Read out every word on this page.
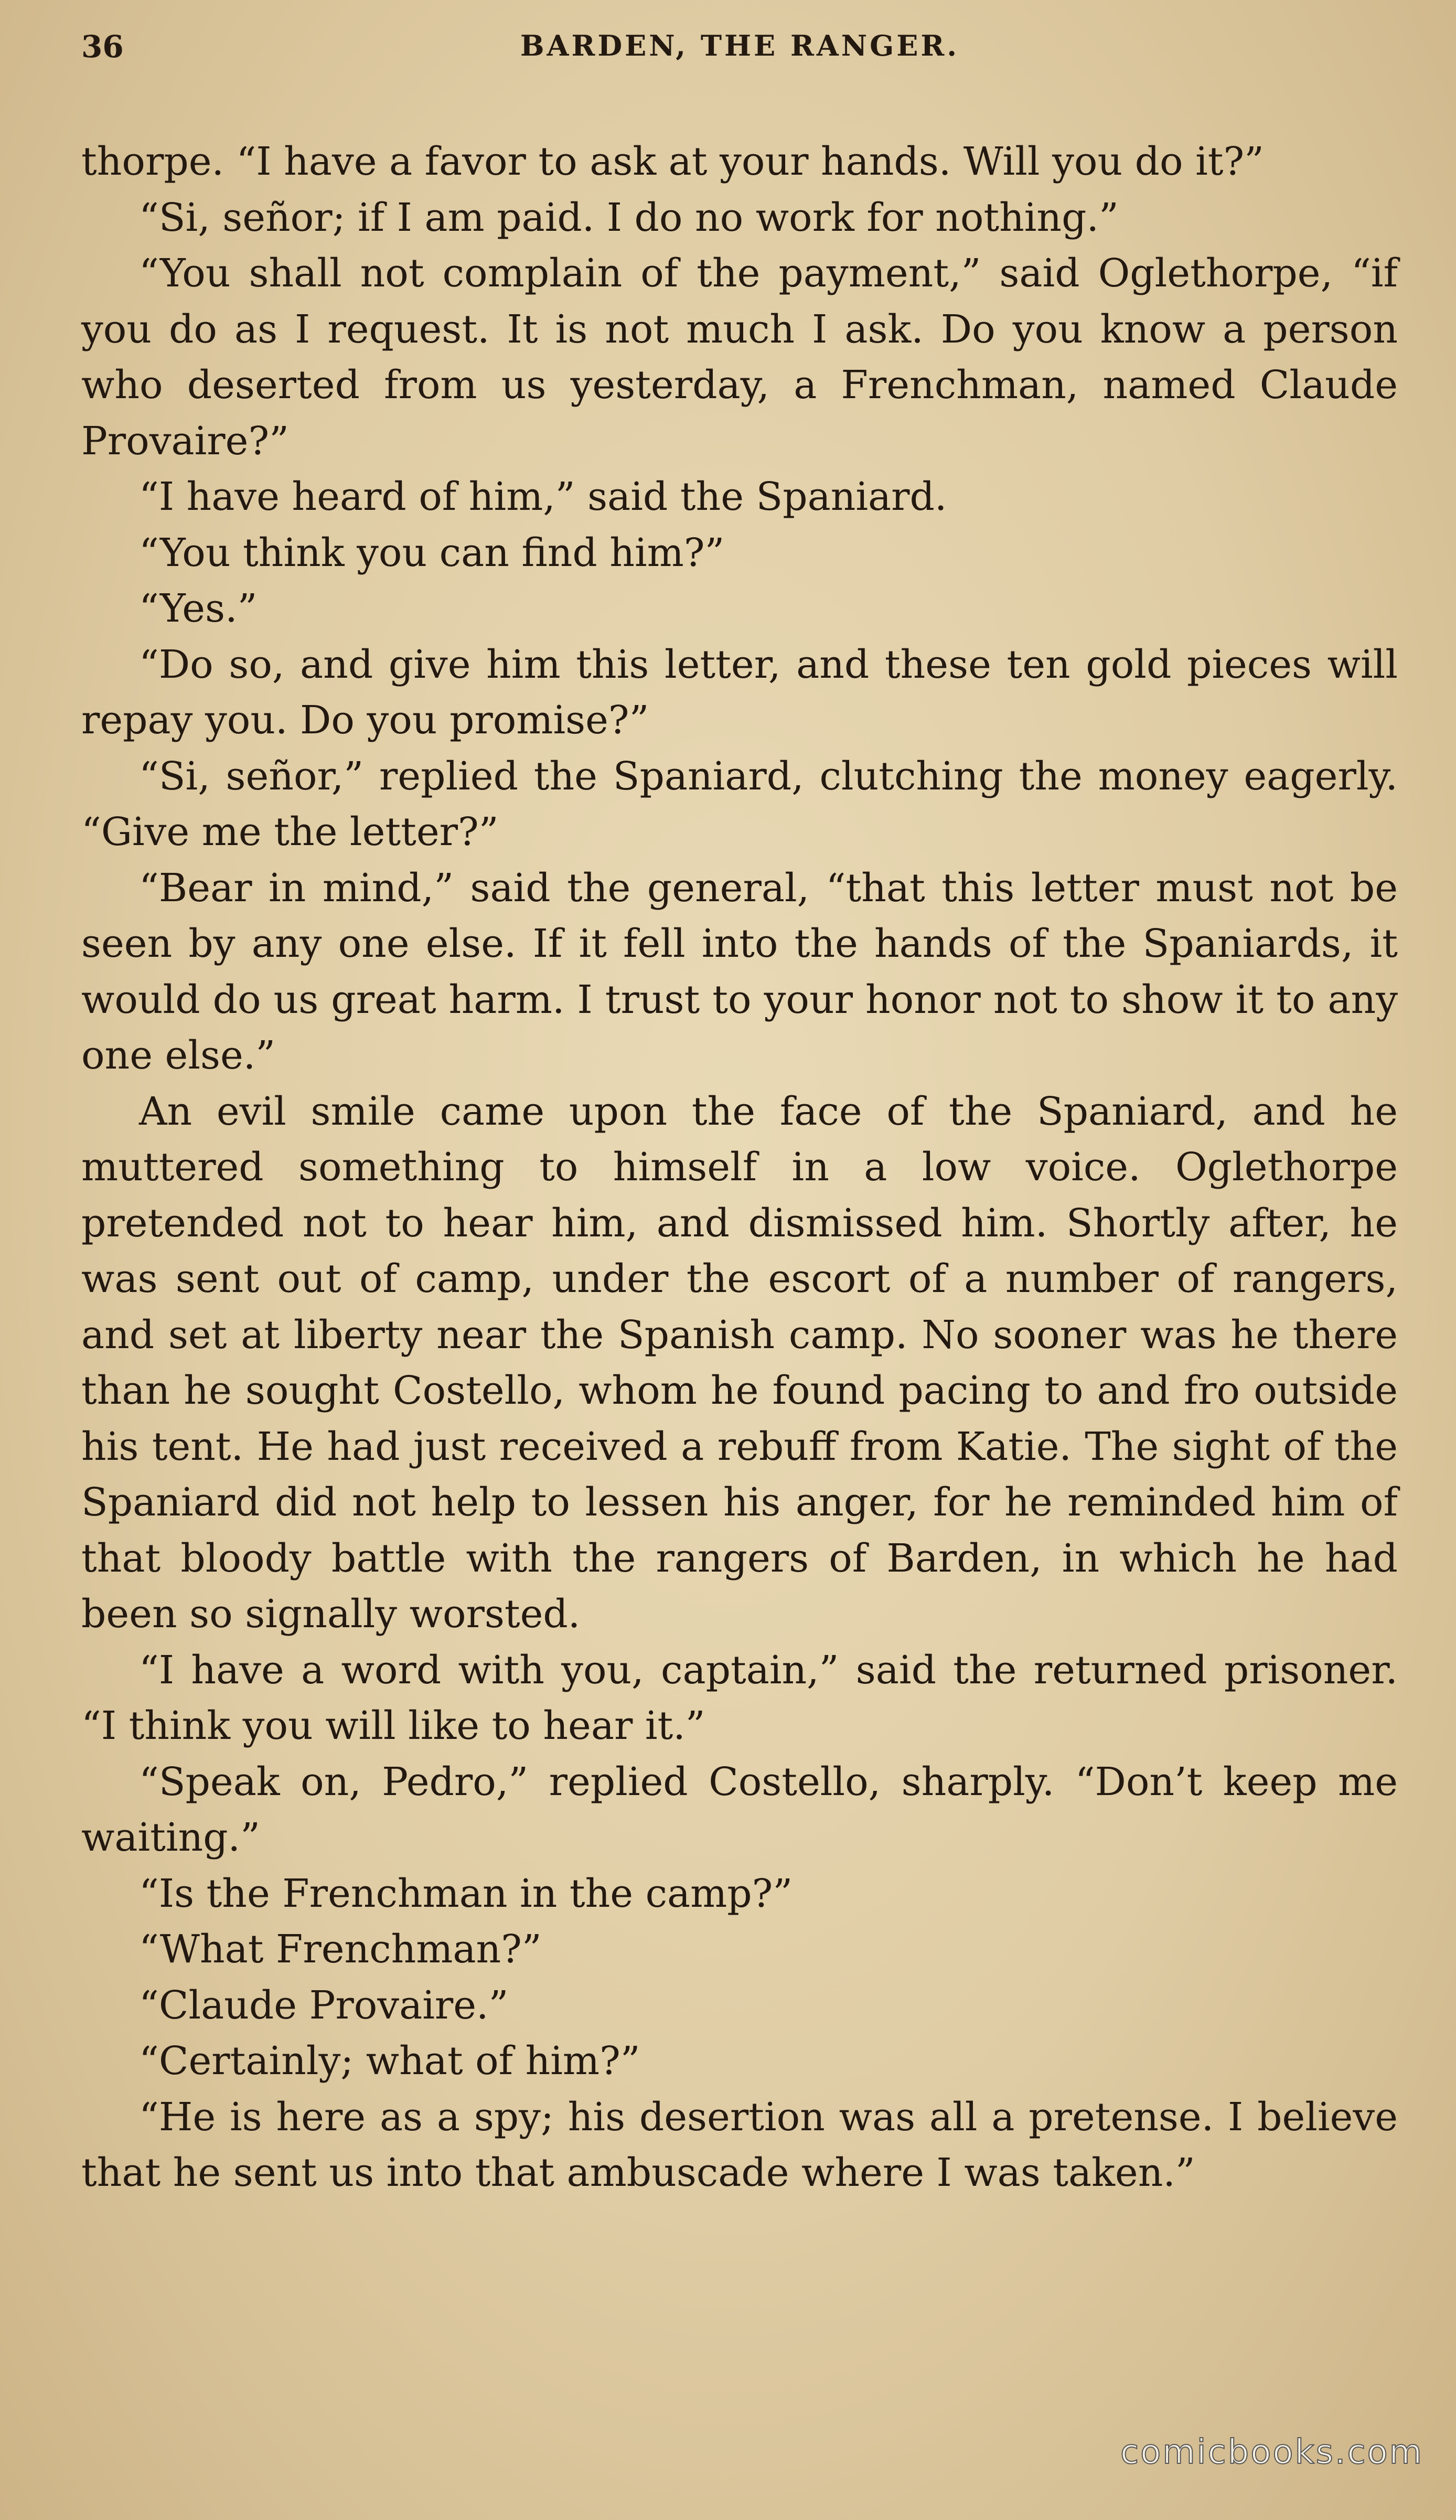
36	BARDEN, THE RANGER.

thorpe. “I have a favor to ask at your hands. Will you do it?”

“Si, señor; if I am paid. I do no work for nothing.”

“You shall not complain of the payment,” said Oglethorpe, “if you do as I request. It is not much I ask. Do you know a person who deserted from us yesterday, a Frenchman, named Claude Provaire?”

“I have heard of him,” said the Spaniard.

“You think you can find him?”

“Yes.”

“Do so, and give him this letter, and these ten gold pieces will repay you. Do you promise?”

“Si, señor,” replied the Spaniard, clutching the money eagerly. “Give me the letter?”

“Bear in mind,” said the general, “that this letter must not be seen by any one else. If it fell into the hands of the Spaniards, it would do us great harm. I trust to your honor not to show it to any one else.”

An evil smile came upon the face of the Spaniard, and he muttered something to himself in a low voice. Oglethorpe pretended not to hear him, and dismissed him. Shortly after, he was sent out of camp, under the escort of a number of rangers, and set at liberty near the Spanish camp. No sooner was he there than he sought Costello, whom he found pacing to and fro outside his tent. He had just received a rebuff from Katie. The sight of the Spaniard did not help to lessen his anger, for he reminded him of that bloody battle with the rangers of Barden, in which he had been so signally worsted.

“I have a word with you, captain,” said the returned prisoner. “I think you will like to hear it.”

“Speak on, Pedro,” replied Costello, sharply. “Don’t keep me waiting.”

“Is the Frenchman in the camp?”

“What Frenchman?”

“Claude Provaire.”

“Certainly; what of him?”

“He is here as a spy; his desertion was all a pretense. I believe that he sent us into that ambuscade where I was taken.”

comicbooks.com
